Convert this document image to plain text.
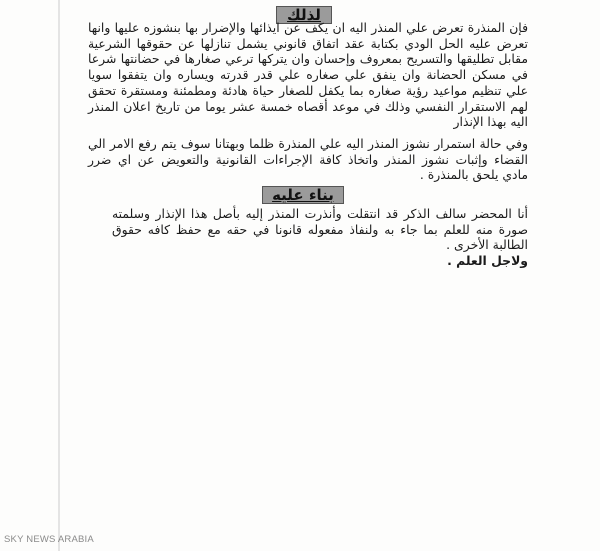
لذلك
فإن المنذرة تعرض علي المنذر اليه ان يكف عن ايذائها والإضرار بها بنشوزه عليها وانها تعرض عليه الحل الودي بكتابة عقد اتفاق قانوني يشمل تنازلها عن حقوقها الشرعية مقابل تطليقها والتسريح بمعروف وإحسان وان يتركها ترعي صغارها في حضانتها شرعا في مسكن الحضانة وان ينفق علي صغاره علي قدر قدرته ويساره وان يتفقوا سويا علي تنظيم مواعيد رؤية صغاره بما يكفل للصغار حياة هادئة ومطمئنة ومستقرة تحقق لهم الاستقرار النفسي وذلك في موعد أقصاه خمسة عشر يوما من تاريخ اعلان المنذر اليه بهذا الإنذار
وفي حالة استمرار نشوز المنذر اليه علي المنذرة ظلما وبهتانا سوف يتم رفع الامر الي القضاء وإثبات نشوز المنذر واتخاذ كافة الإجراءات القانونية والتعويض عن اي ضرر مادي يلحق بالمنذرة .
بناء عليه
أنا المحضر سالف الذكر قد انتقلت وأنذرت المنذر إليه بأصل هذا الإنذار وسلمته صورة منه للعلم بما جاء به ولنفاذ مفعوله قانونا في حقه مع حفظ كافه حقوق الطالبة الأخرى .
ولاجل العلم .
SKY NEWS ARABIA
